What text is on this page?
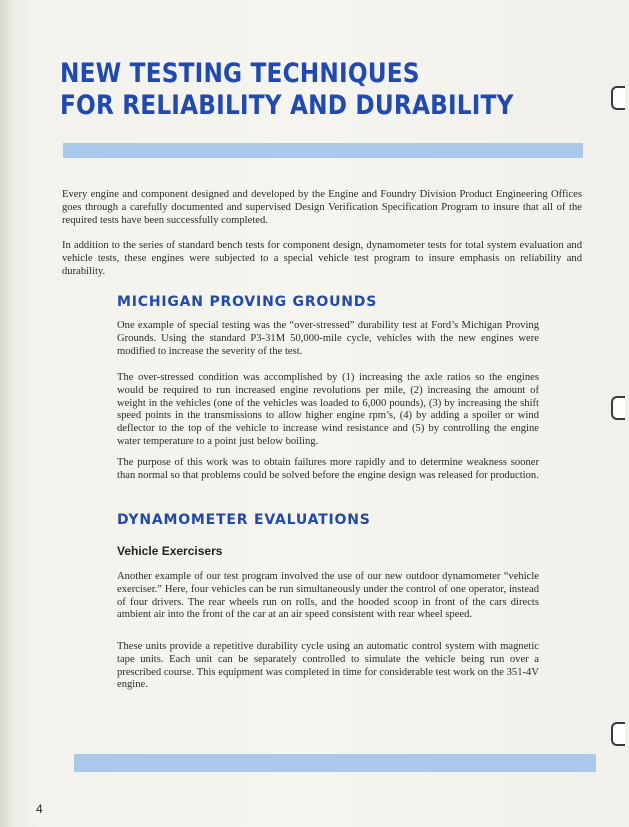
NEW TESTING TECHNIQUES
FOR RELIABILITY AND DURABILITY

Every engine and component designed and developed by the Engine and Foundry Division Product Engineering Offices goes through a carefully documented and supervised Design Verification Specification Program to insure that all of the required tests have been successfully completed.

In addition to the series of standard bench tests for component design, dynamometer tests for total system evaluation and vehicle tests, these engines were subjected to a special vehicle test program to insure emphasis on reliability and durability.

MICHIGAN PROVING GROUNDS

One example of special testing was the “over-stressed” durability test at Ford’s Michigan Proving Grounds. Using the standard P3-31M 50,000-mile cycle, vehicles with the new engines were modified to increase the severity of the test.

The over-stressed condition was accomplished by (1) increasing the axle ratios so the engines would be required to run increased engine revolutions per mile, (2) increasing the amount of weight in the vehicles (one of the vehicles was loaded to 6,000 pounds), (3) by increasing the shift speed points in the transmissions to allow higher engine rpm’s, (4) by adding a spoiler or wind deflector to the top of the vehicle to increase wind resistance and (5) by controlling the engine water temperature to a point just below boiling.

The purpose of this work was to obtain failures more rapidly and to determine weakness sooner than normal so that problems could be solved before the engine design was released for production.

DYNAMOMETER EVALUATIONS
Vehicle Exercisers

Another example of our test program involved the use of our new outdoor dynamometer “vehicle exerciser.” Here, four vehicles can be run simultaneously under the control of one operator, instead of four drivers. The rear wheels run on rolls, and the hooded scoop in front of the cars directs ambient air into the front of the car at an air speed consistent with rear wheel speed.

These units provide a repetitive durability cycle using an automatic control system with magnetic tape units. Each unit can be separately controlled to simulate the vehicle being run over a prescribed course. This equipment was completed in time for considerable test work on the 351-4V engine.

4
